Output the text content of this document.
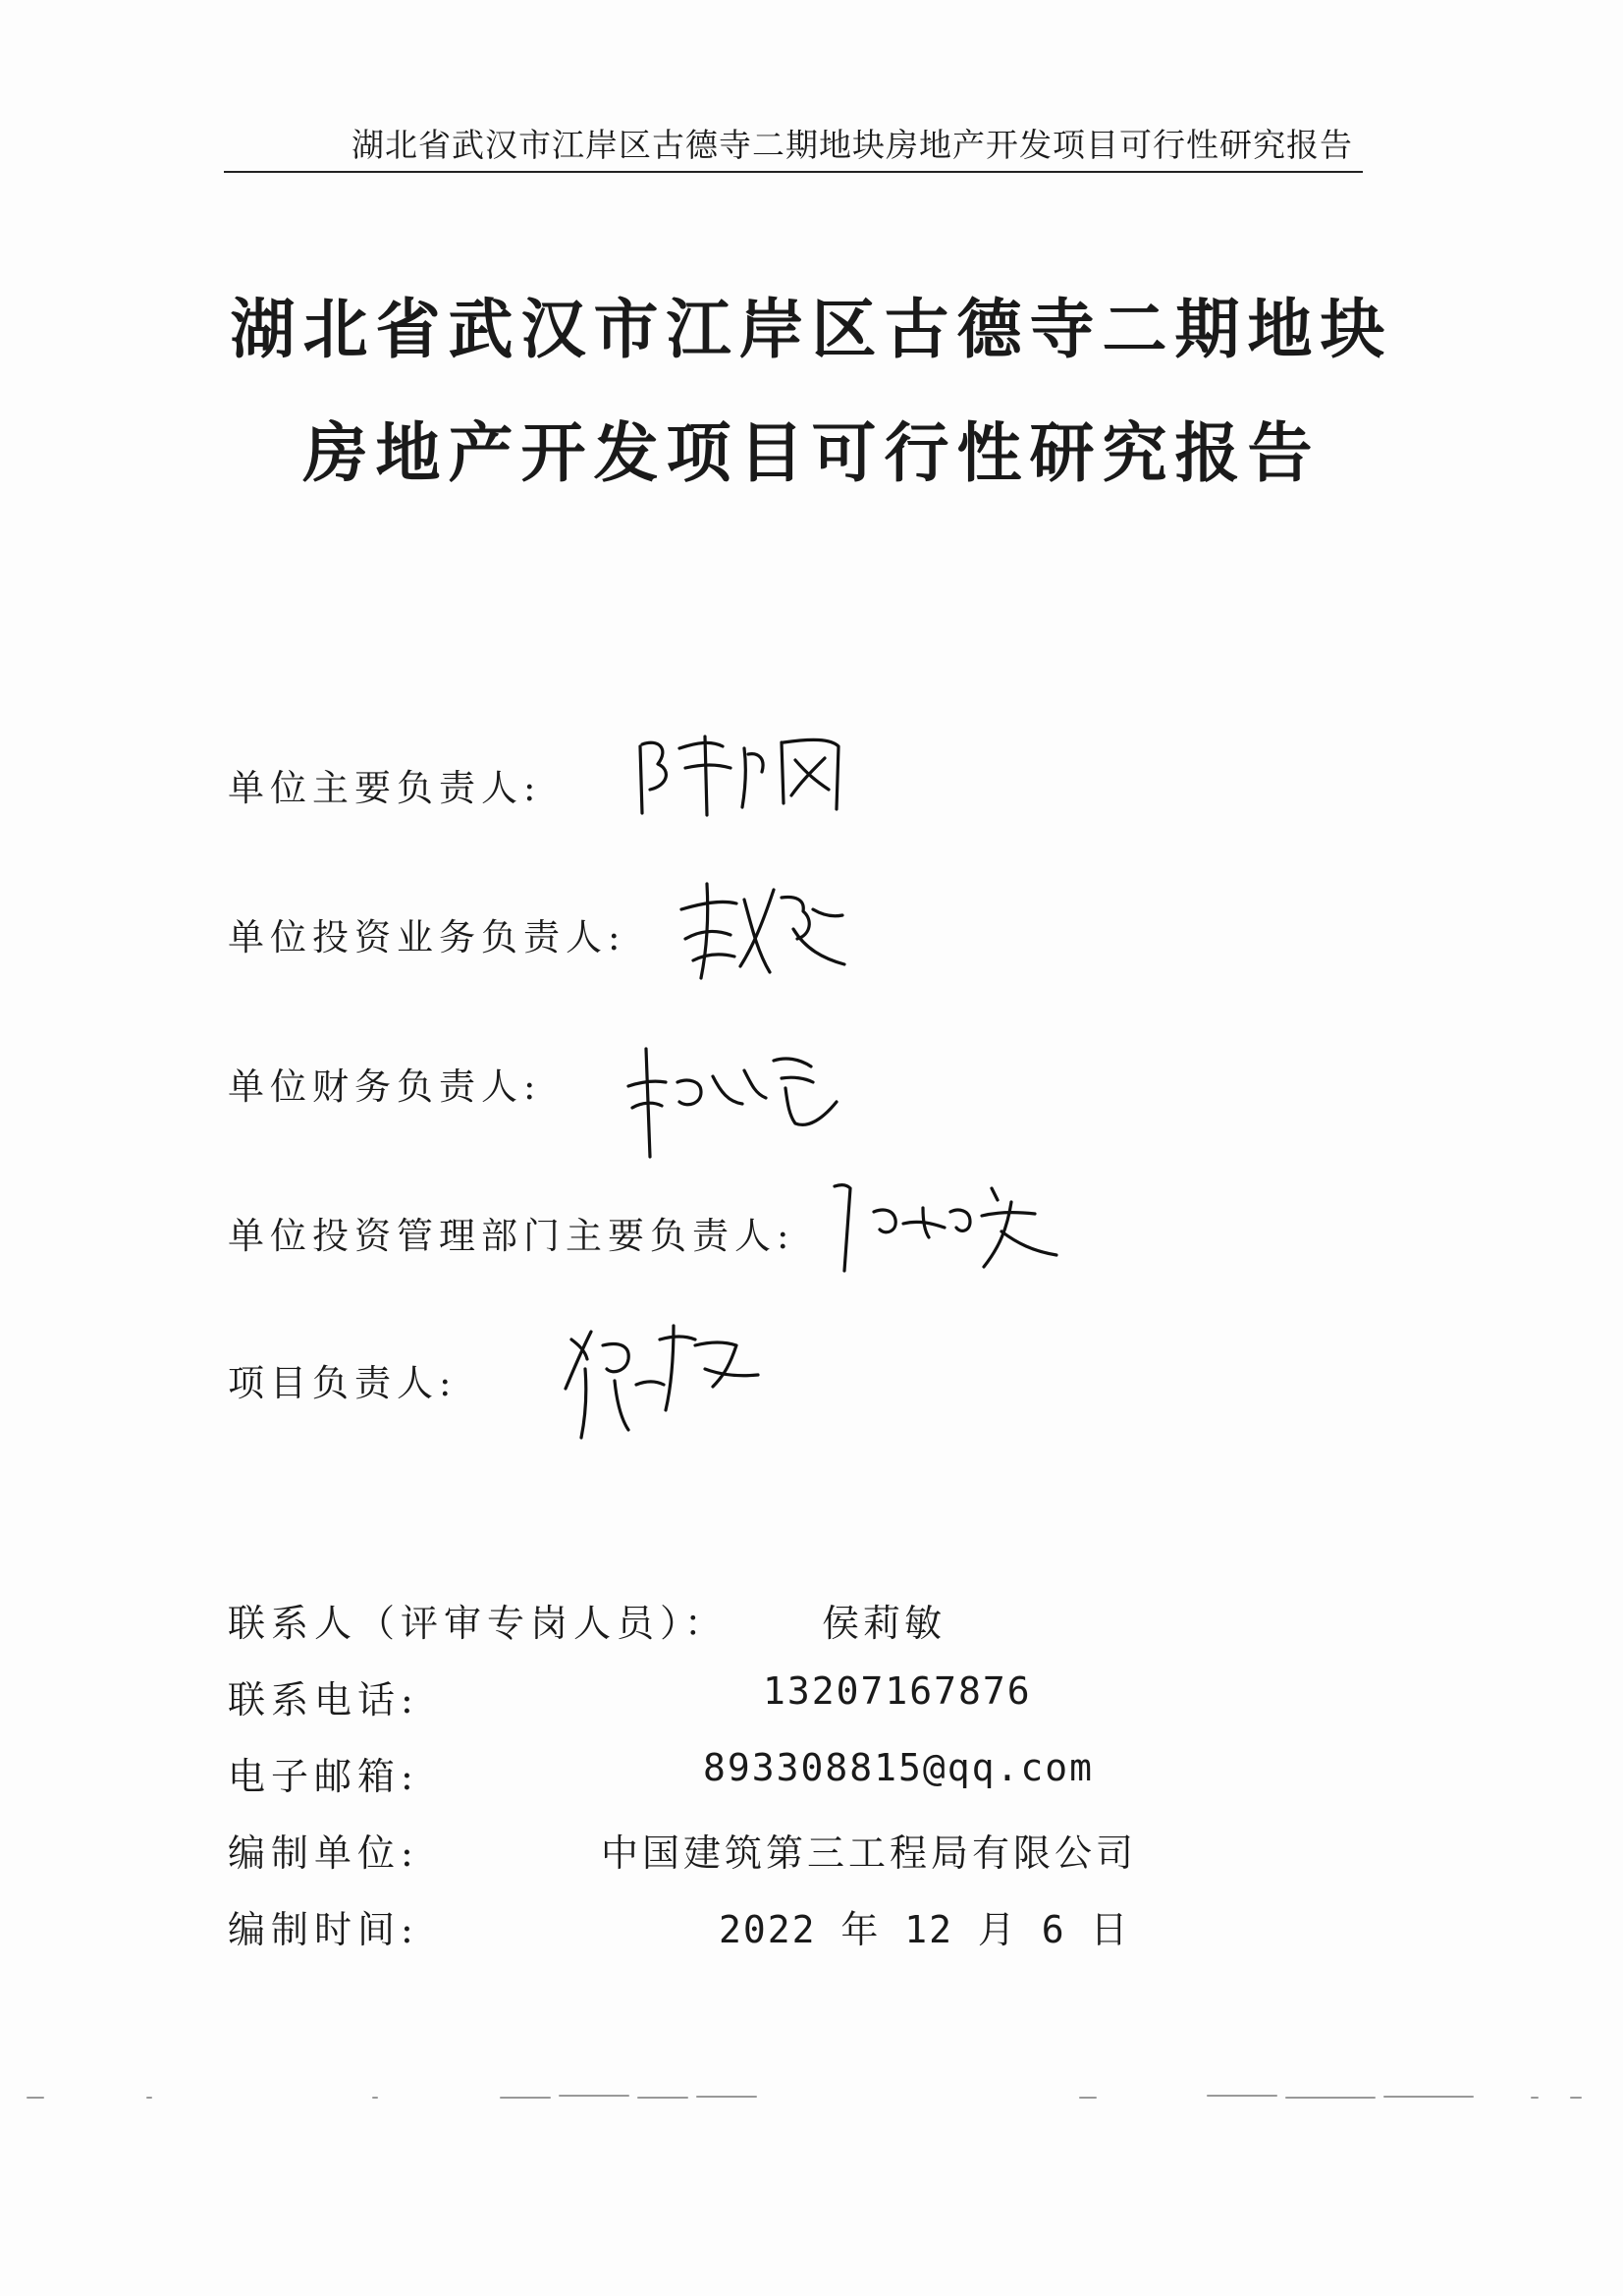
湖北省武汉市江岸区古德寺二期地块房地产开发项目可行性研究报告
湖北省武汉市江岸区古德寺二期地块
房地产开发项目可行性研究报告
单位主要负责人:
单位投资业务负责人:
单位财务负责人:
单位投资管理部门主要负责人:
项目负责人:
联系人（评审专岗人员）：	侯莉敏
联系电话:	13207167876
电子邮箱:	893308815@qq.com
编制单位:	中国建筑第三工程局有限公司
编制时间:	2022 年 12 月 6 日
